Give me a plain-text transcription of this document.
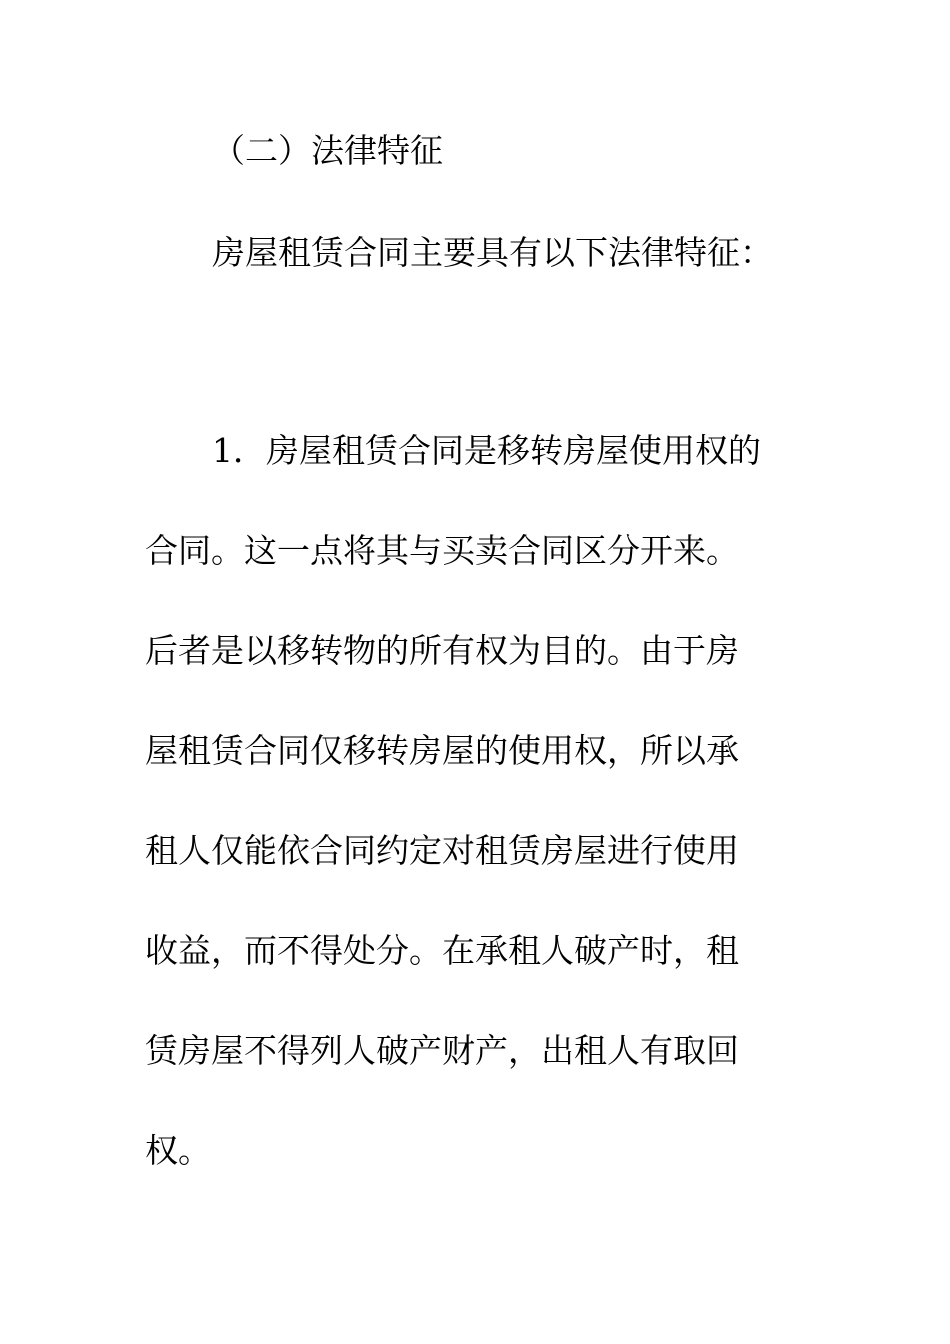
（二）法律特征
房屋租赁合同主要具有以下法律特征：
1．房屋租赁合同是移转房屋使用权的
合同。这一点将其与买卖合同区分开来。
后者是以移转物的所有权为目的。由于房
屋租赁合同仅移转房屋的使用权，所以承
租人仅能依合同约定对租赁房屋进行使用
收益，而不得处分。在承租人破产时，租
赁房屋不得列人破产财产，出租人有取回
权。
